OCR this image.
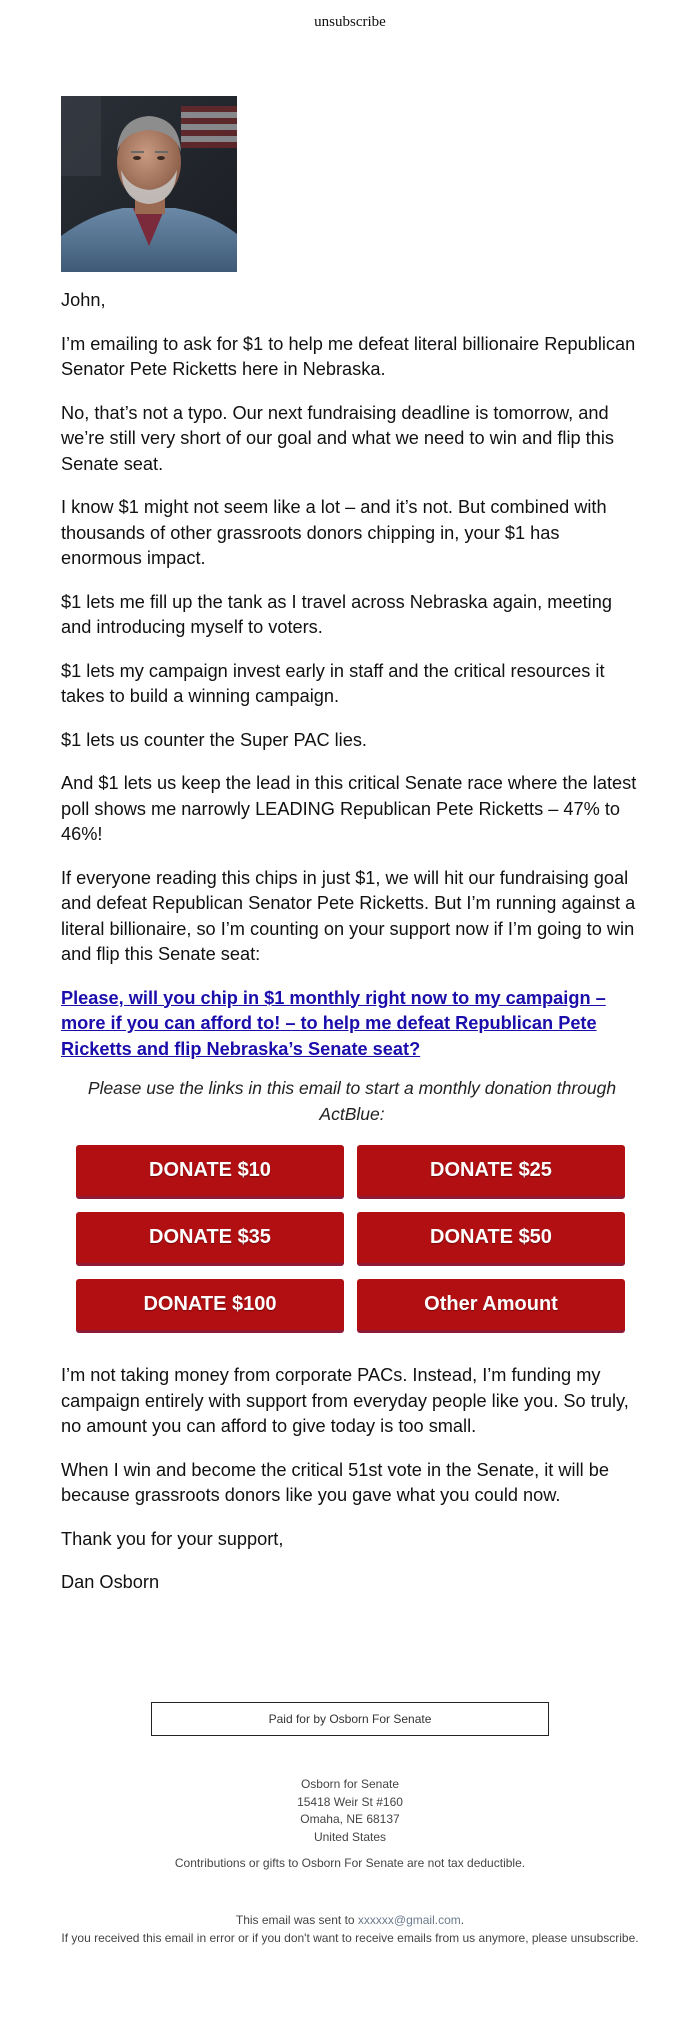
unsubscribe

John,

I’m emailing to ask for $1 to help me defeat literal billionaire Republican Senator Pete Ricketts here in Nebraska.

No, that’s not a typo. Our next fundraising deadline is tomorrow, and we’re still very short of our goal and what we need to win and flip this Senate seat.

I know $1 might not seem like a lot – and it’s not. But combined with thousands of other grassroots donors chipping in, your $1 has enormous impact.

$1 lets me fill up the tank as I travel across Nebraska again, meeting and introducing myself to voters.

$1 lets my campaign invest early in staff and the critical resources it takes to build a winning campaign.

$1 lets us counter the Super PAC lies.

And $1 lets us keep the lead in this critical Senate race where the latest poll shows me narrowly LEADING Republican Pete Ricketts – 47% to 46%!

If everyone reading this chips in just $1, we will hit our fundraising goal and defeat Republican Senator Pete Ricketts. But I’m running against a literal billionaire, so I’m counting on your support now if I’m going to win and flip this Senate seat:

Please, will you chip in $1 monthly right now to my campaign – more if you can afford to! – to help me defeat Republican Pete Ricketts and flip Nebraska’s Senate seat?

Please use the links in this email to start a monthly donation through ActBlue:

DONATE $10	DONATE $25
DONATE $35	DONATE $50
DONATE $100	Other Amount

I’m not taking money from corporate PACs. Instead, I’m funding my campaign entirely with support from everyday people like you. So truly, no amount you can afford to give today is too small.

When I win and become the critical 51st vote in the Senate, it will be because grassroots donors like you gave what you could now.

Thank you for your support,

Dan Osborn

Paid for by Osborn For Senate
Osborn for Senate
15418 Weir St #160
Omaha, NE 68137
United States
Contributions or gifts to Osborn For Senate are not tax deductible.
This email was sent to xxxxxx@gmail.com.
If you received this email in error or if you don't want to receive emails from us anymore, please unsubscribe.
